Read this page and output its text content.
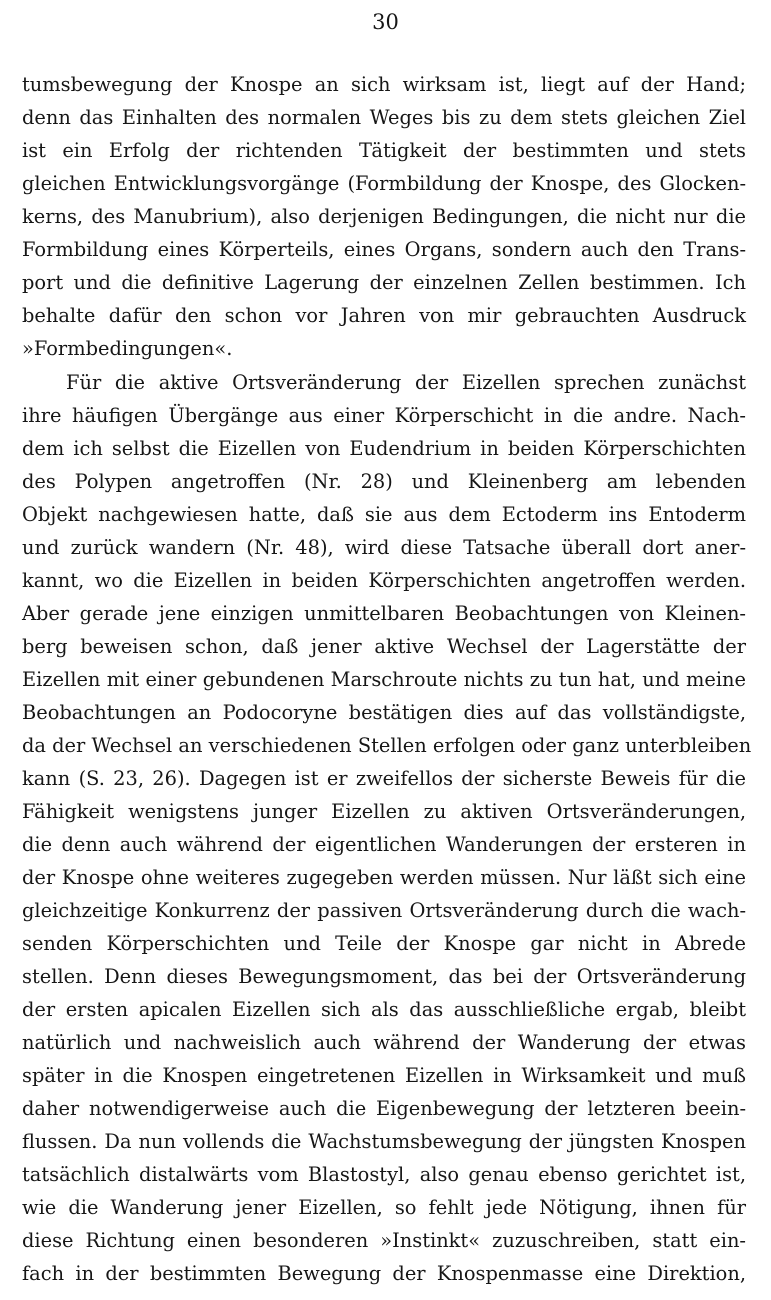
30
tumsbewegung der Knospe an sich wirksam ist, liegt auf der Hand;
denn das Einhalten des normalen Weges bis zu dem stets gleichen Ziel
ist ein Erfolg der richtenden Tätigkeit der bestimmten und stets
gleichen Entwicklungsvorgänge (Formbildung der Knospe, des Glocken-
kerns, des Manubrium), also derjenigen Bedingungen, die nicht nur die
Formbildung eines Körperteils, eines Organs, sondern auch den Trans-
port und die definitive Lagerung der einzelnen Zellen bestimmen. Ich
behalte dafür den schon vor Jahren von mir gebrauchten Ausdruck
»Formbedingungen«.
Für die aktive Ortsveränderung der Eizellen sprechen zunächst
ihre häufigen Übergänge aus einer Körperschicht in die andre. Nach-
dem ich selbst die Eizellen von Eudendrium in beiden Körperschichten
des Polypen angetroffen (Nr. 28) und Kleinenberg am lebenden
Objekt nachgewiesen hatte, daß sie aus dem Ectoderm ins Entoderm
und zurück wandern (Nr. 48), wird diese Tatsache überall dort aner-
kannt, wo die Eizellen in beiden Körperschichten angetroffen werden.
Aber gerade jene einzigen unmittelbaren Beobachtungen von Kleinen-
berg beweisen schon, daß jener aktive Wechsel der Lagerstätte der
Eizellen mit einer gebundenen Marschroute nichts zu tun hat, und meine
Beobachtungen an Podocoryne bestätigen dies auf das vollständigste,
da der Wechsel an verschiedenen Stellen erfolgen oder ganz unterbleiben
kann (S. 23, 26). Dagegen ist er zweifellos der sicherste Beweis für die
Fähigkeit wenigstens junger Eizellen zu aktiven Ortsveränderungen,
die denn auch während der eigentlichen Wanderungen der ersteren in
der Knospe ohne weiteres zugegeben werden müssen. Nur läßt sich eine
gleichzeitige Konkurrenz der passiven Ortsveränderung durch die wach-
senden Körperschichten und Teile der Knospe gar nicht in Abrede
stellen. Denn dieses Bewegungsmoment, das bei der Ortsveränderung
der ersten apicalen Eizellen sich als das ausschließliche ergab, bleibt
natürlich und nachweislich auch während der Wanderung der etwas
später in die Knospen eingetretenen Eizellen in Wirksamkeit und muß
daher notwendigerweise auch die Eigenbewegung der letzteren beein-
flussen. Da nun vollends die Wachstumsbewegung der jüngsten Knospen
tatsächlich distalwärts vom Blastostyl, also genau ebenso gerichtet ist,
wie die Wanderung jener Eizellen, so fehlt jede Nötigung, ihnen für
diese Richtung einen besonderen »Instinkt« zuzuschreiben, statt ein-
fach in der bestimmten Bewegung der Knospenmasse eine Direktion,
